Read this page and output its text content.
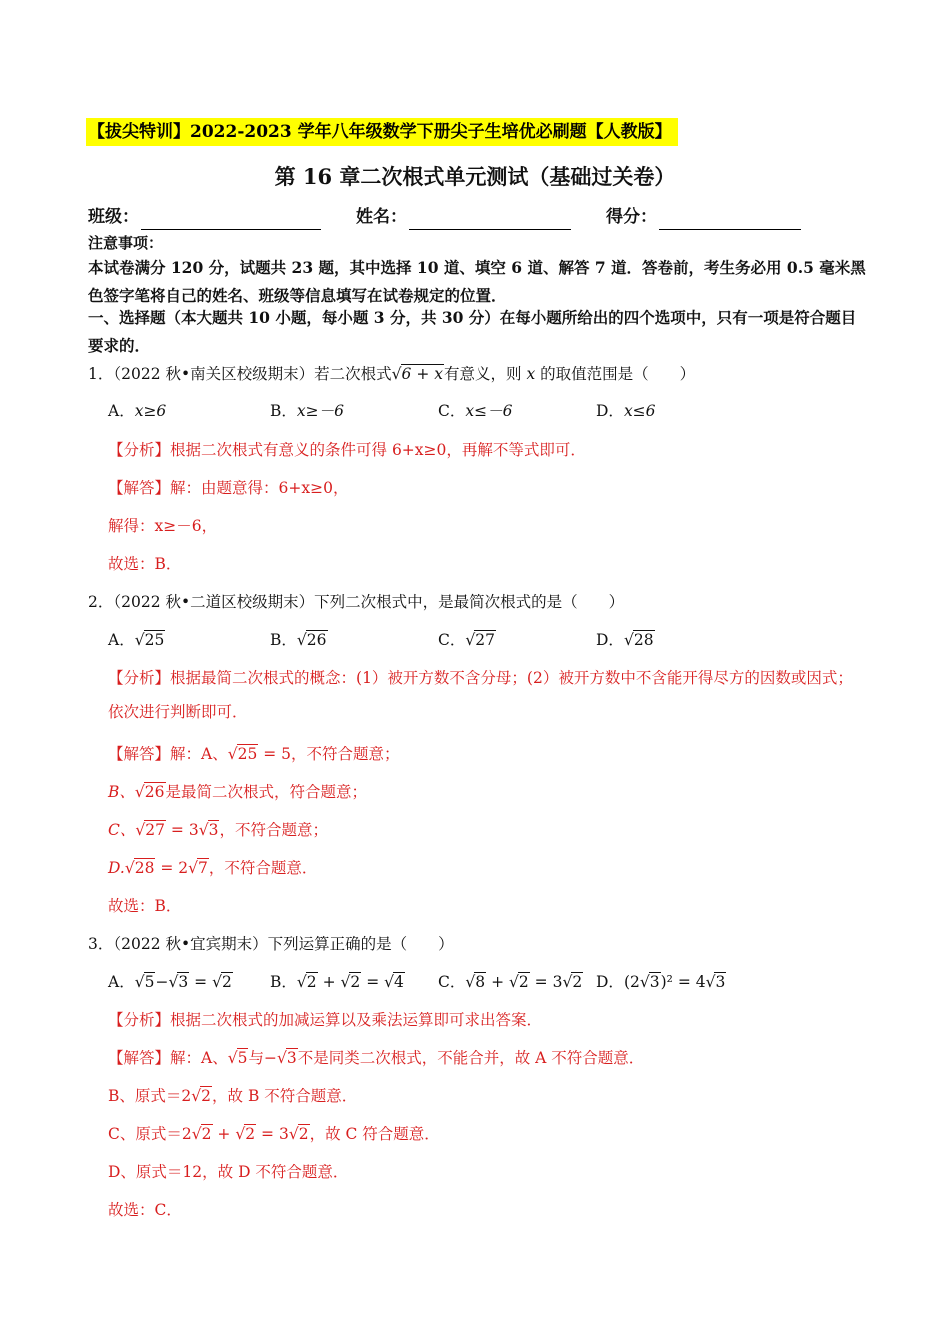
【拔尖特训】2022-2023 学年八年级数学下册尖子生培优必刷题【人教版】
第 16 章二次根式单元测试（基础过关卷）
班级：	姓名：	得分：
注意事项：
本试卷满分 120 分，试题共 23 题，其中选择 10 道、填空 6 道、解答 7 道．答卷前，考生务必用 0.5 毫米黑色签字笔将自己的姓名、班级等信息填写在试卷规定的位置．
一、选择题（本大题共 10 小题，每小题 3 分，共 30 分）在每小题所给出的四个选项中，只有一项是符合题目要求的．
1．（2022 秋•南关区校级期末）若二次根式√6 + x有意义，则 x 的取值范围是（　　）
A．x≥6	B．x≥－6	C．x≤－6	D．x≤6
【分析】根据二次根式有意义的条件可得 6+x≥0，再解不等式即可．
【解答】解：由题意得：6+x≥0，
解得：x≥－6，
故选：B．
2．（2022 秋•二道区校级期末）下列二次根式中，是最简次根式的是（　　）
A．√25	B．√26	C．√27	D．√28
【分析】根据最简二次根式的概念：(1）被开方数不含分母；(2）被开方数中不含能开得尽方的因数或因式；依次进行判断即可．
【解答】解：A、√25 = 5，不符合题意；
B、√26是最简二次根式，符合题意；
C、√27 = 3√3，不符合题意；
D.√28 = 2√7，不符合题意．
故选：B．
3．（2022 秋•宜宾期末）下列运算正确的是（　　）
A．√5−√3 = √2 B．√2 + √2 = √4 C．√8 + √2 = 3√2 D．(2√3)² = 4√3
【分析】根据二次根式的加减运算以及乘法运算即可求出答案．
【解答】解：A、√5与−√3不是同类二次根式，不能合并，故 A 不符合题意．
B、原式＝2√2，故 B 不符合题意．
C、原式＝2√2 + √2 = 3√2，故 C 符合题意．
D、原式＝12，故 D 不符合题意．
故选：C．
